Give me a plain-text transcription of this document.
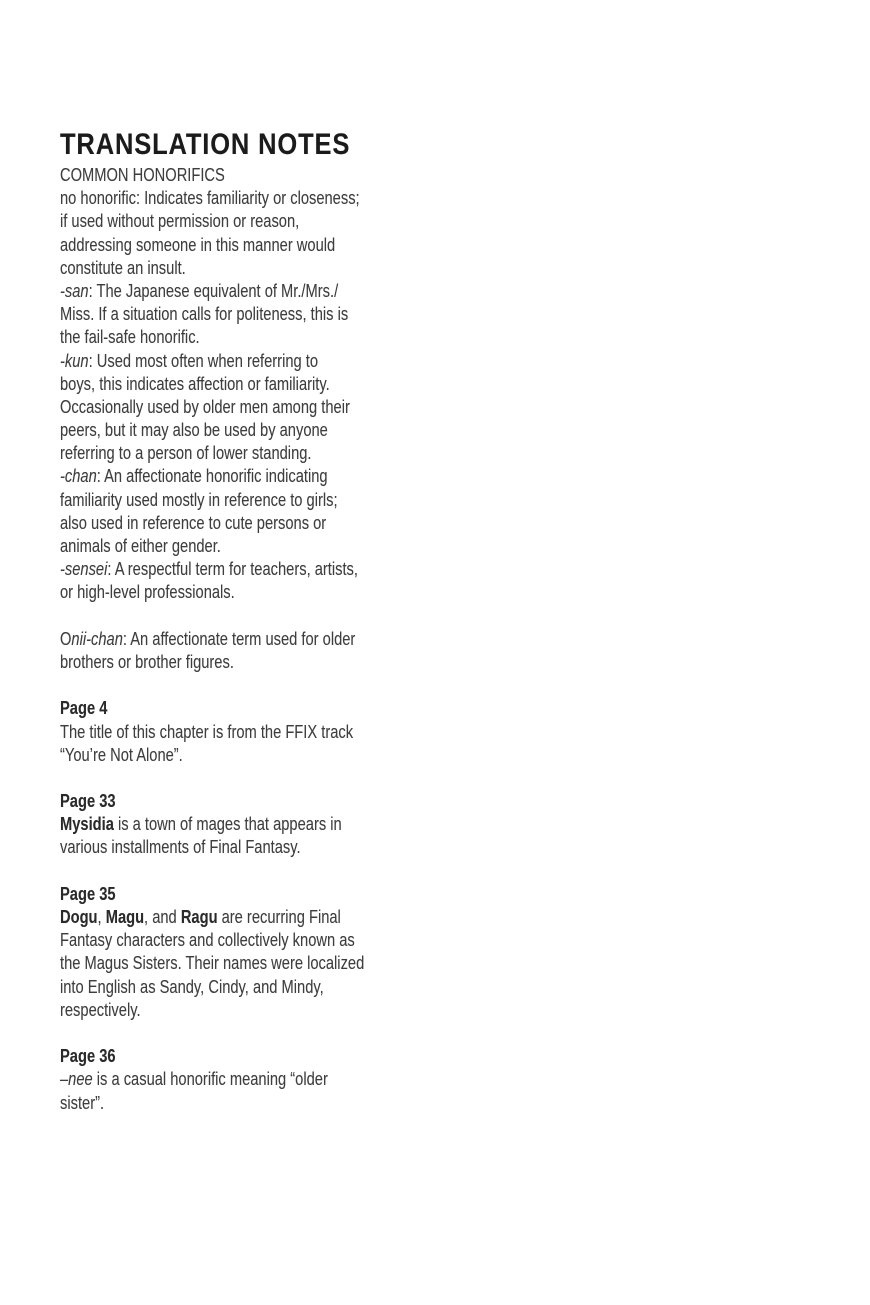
TRANSLATION NOTES
COMMON HONORIFICS
no honorific: Indicates familiarity or closeness;
if used without permission or reason,
addressing someone in this manner would
constitute an insult.
-san: The Japanese equivalent of Mr./Mrs./
Miss. If a situation calls for politeness, this is
the fail-safe honorific.
-kun: Used most often when referring to
boys, this indicates affection or familiarity.
Occasionally used by older men among their
peers, but it may also be used by anyone
referring to a person of lower standing.
-chan: An affectionate honorific indicating
familiarity used mostly in reference to girls;
also used in reference to cute persons or
animals of either gender.
-sensei: A respectful term for teachers, artists,
or high-level professionals.
Onii-chan: An affectionate term used for older
brothers or brother figures.
Page 4
The title of this chapter is from the FFIX track
“You’re Not Alone”.
Page 33
Mysidia is a town of mages that appears in
various installments of Final Fantasy.
Page 35
Dogu, Magu, and Ragu are recurring Final
Fantasy characters and collectively known as
the Magus Sisters. Their names were localized
into English as Sandy, Cindy, and Mindy,
respectively.
Page 36
–nee is a casual honorific meaning “older
sister”.
